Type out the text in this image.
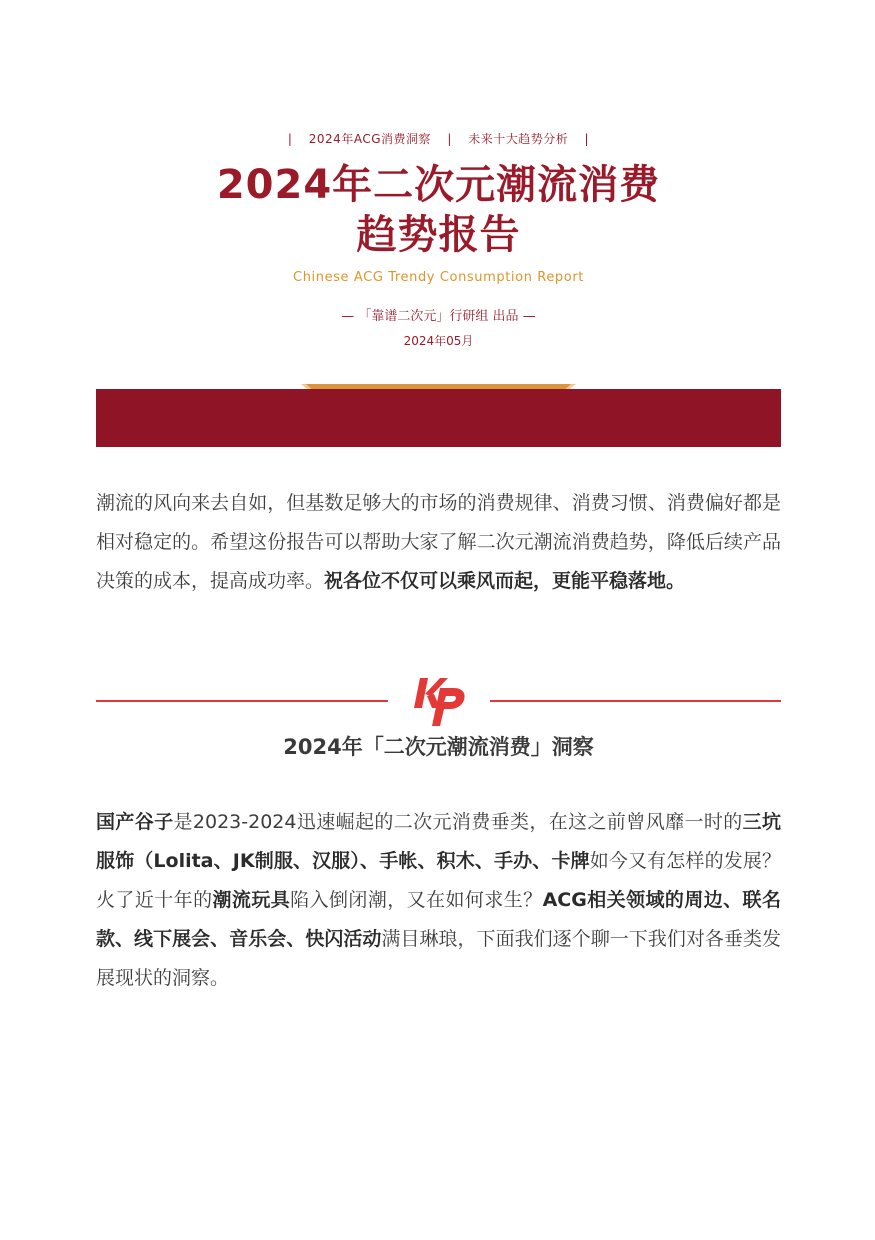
| 2024年ACG消费洞察 | 未来十大趋势分析 |
2024年二次元潮流消费
趋势报告
Chinese ACG Trendy Consumption Report
— 「靠谱二次元」行研组 出品 —
2024年05月

潮流的风向来去自如，但基数足够大的市场的消费规律、消费习惯、消费偏好都是相对稳定的。希望这份报告可以帮助大家了解二次元潮流消费趋势，降低后续产品决策的成本，提高成功率。祝各位不仅可以乘风而起，更能平稳落地。

2024年「二次元潮流消费」洞察

国产谷子是2023-2024迅速崛起的二次元消费垂类，在这之前曾风靡一时的三坑服饰（Lolita、JK制服、汉服）、手帐、积木、手办、卡牌如今又有怎样的发展？火了近十年的潮流玩具陷入倒闭潮，又在如何求生？ACG相关领域的周边、联名款、线下展会、音乐会、快闪活动满目琳琅，下面我们逐个聊一下我们对各垂类发展现状的洞察。
